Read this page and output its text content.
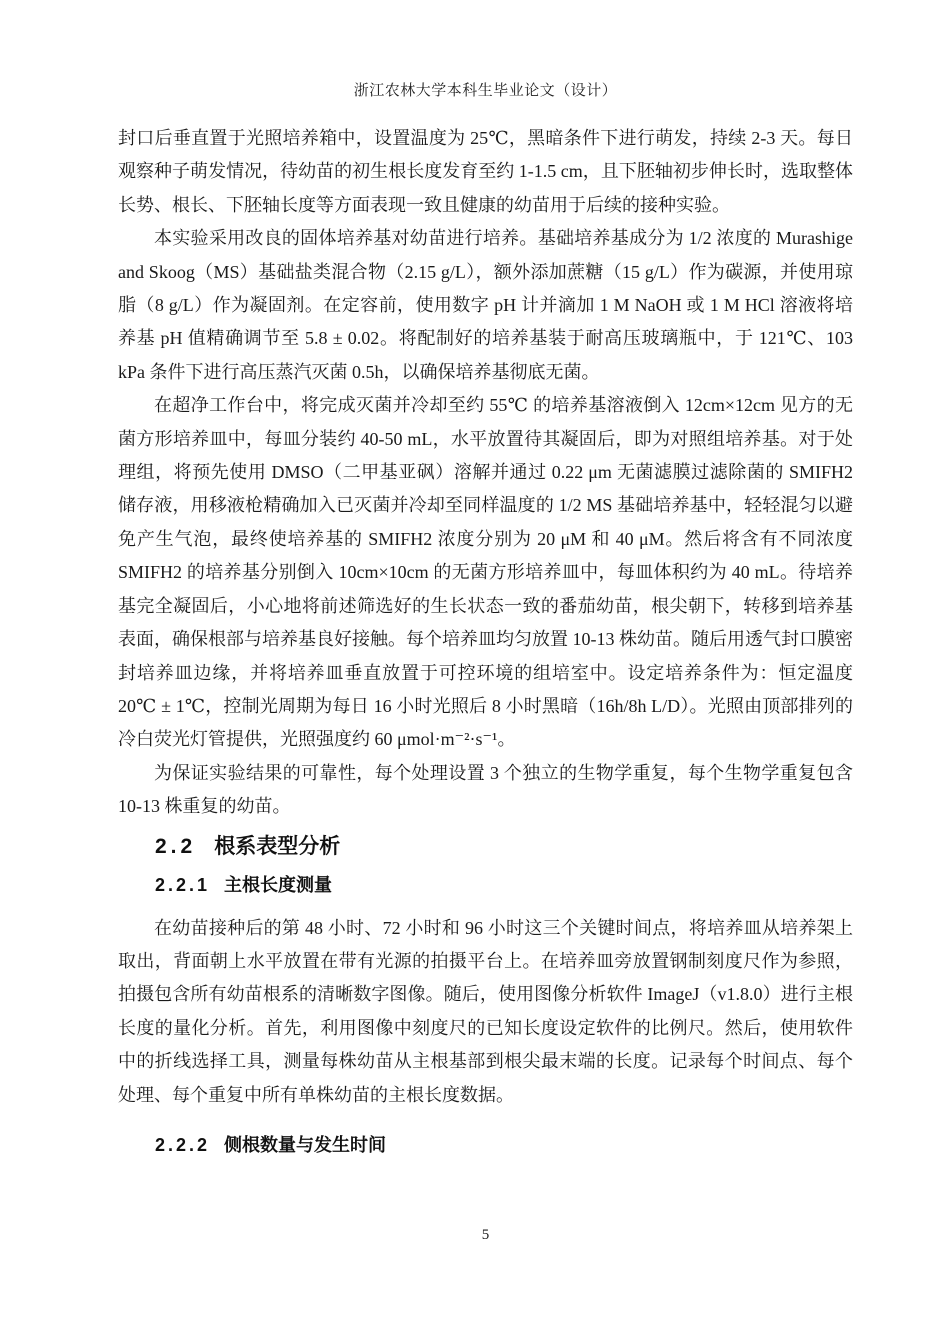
浙江农林大学本科生毕业论文（设计）

封口后垂直置于光照培养箱中，设置温度为 25℃，黑暗条件下进行萌发，持续 2-3 天。每日观察种子萌发情况，待幼苗的初生根长度发育至约 1-1.5 cm，且下胚轴初步伸长时，选取整体长势、根长、下胚轴长度等方面表现一致且健康的幼苗用于后续的接种实验。

本实验采用改良的固体培养基对幼苗进行培养。基础培养基成分为 1/2 浓度的 Murashige and Skoog（MS）基础盐类混合物（2.15 g/L），额外添加蔗糖（15 g/L）作为碳源，并使用琼脂（8 g/L）作为凝固剂。在定容前，使用数字 pH 计并滴加 1 M NaOH 或 1 M HCl 溶液将培养基 pH 值精确调节至 5.8 ± 0.02。将配制好的培养基装于耐高压玻璃瓶中，于 121℃、103 kPa 条件下进行高压蒸汽灭菌 0.5h，以确保培养基彻底无菌。

在超净工作台中，将完成灭菌并冷却至约 55℃ 的培养基溶液倒入 12cm×12cm 见方的无菌方形培养皿中，每皿分装约 40-50 mL，水平放置待其凝固后，即为对照组培养基。对于处理组，将预先使用 DMSO（二甲基亚砜）溶解并通过 0.22 μm 无菌滤膜过滤除菌的 SMIFH2 储存液，用移液枪精确加入已灭菌并冷却至同样温度的 1/2 MS 基础培养基中，轻轻混匀以避免产生气泡，最终使培养基的 SMIFH2 浓度分别为 20 μM 和 40 μM。然后将含有不同浓度 SMIFH2 的培养基分别倒入 10cm×10cm 的无菌方形培养皿中，每皿体积约为 40 mL。待培养基完全凝固后，小心地将前述筛选好的生长状态一致的番茄幼苗，根尖朝下，转移到培养基表面，确保根部与培养基良好接触。每个培养皿均匀放置 10-13 株幼苗。随后用透气封口膜密封培养皿边缘，并将培养皿垂直放置于可控环境的组培室中。设定培养条件为：恒定温度 20℃ ± 1℃，控制光周期为每日 16 小时光照后 8 小时黑暗（16h/8h L/D）。光照由顶部排列的冷白荧光灯管提供，光照强度约 60 μmol·m⁻²·s⁻¹。

为保证实验结果的可靠性，每个处理设置 3 个独立的生物学重复，每个生物学重复包含 10-13 株重复的幼苗。

2.2 根系表型分析
2.2.1 主根长度测量

在幼苗接种后的第 48 小时、72 小时和 96 小时这三个关键时间点，将培养皿从培养架上取出，背面朝上水平放置在带有光源的拍摄平台上。在培养皿旁放置钢制刻度尺作为参照，拍摄包含所有幼苗根系的清晰数字图像。随后，使用图像分析软件 ImageJ（v1.8.0）进行主根长度的量化分析。首先，利用图像中刻度尺的已知长度设定软件的比例尺。然后，使用软件中的折线选择工具，测量每株幼苗从主根基部到根尖最末端的长度。记录每个时间点、每个处理、每个重复中所有单株幼苗的主根长度数据。

2.2.2 侧根数量与发生时间
5
